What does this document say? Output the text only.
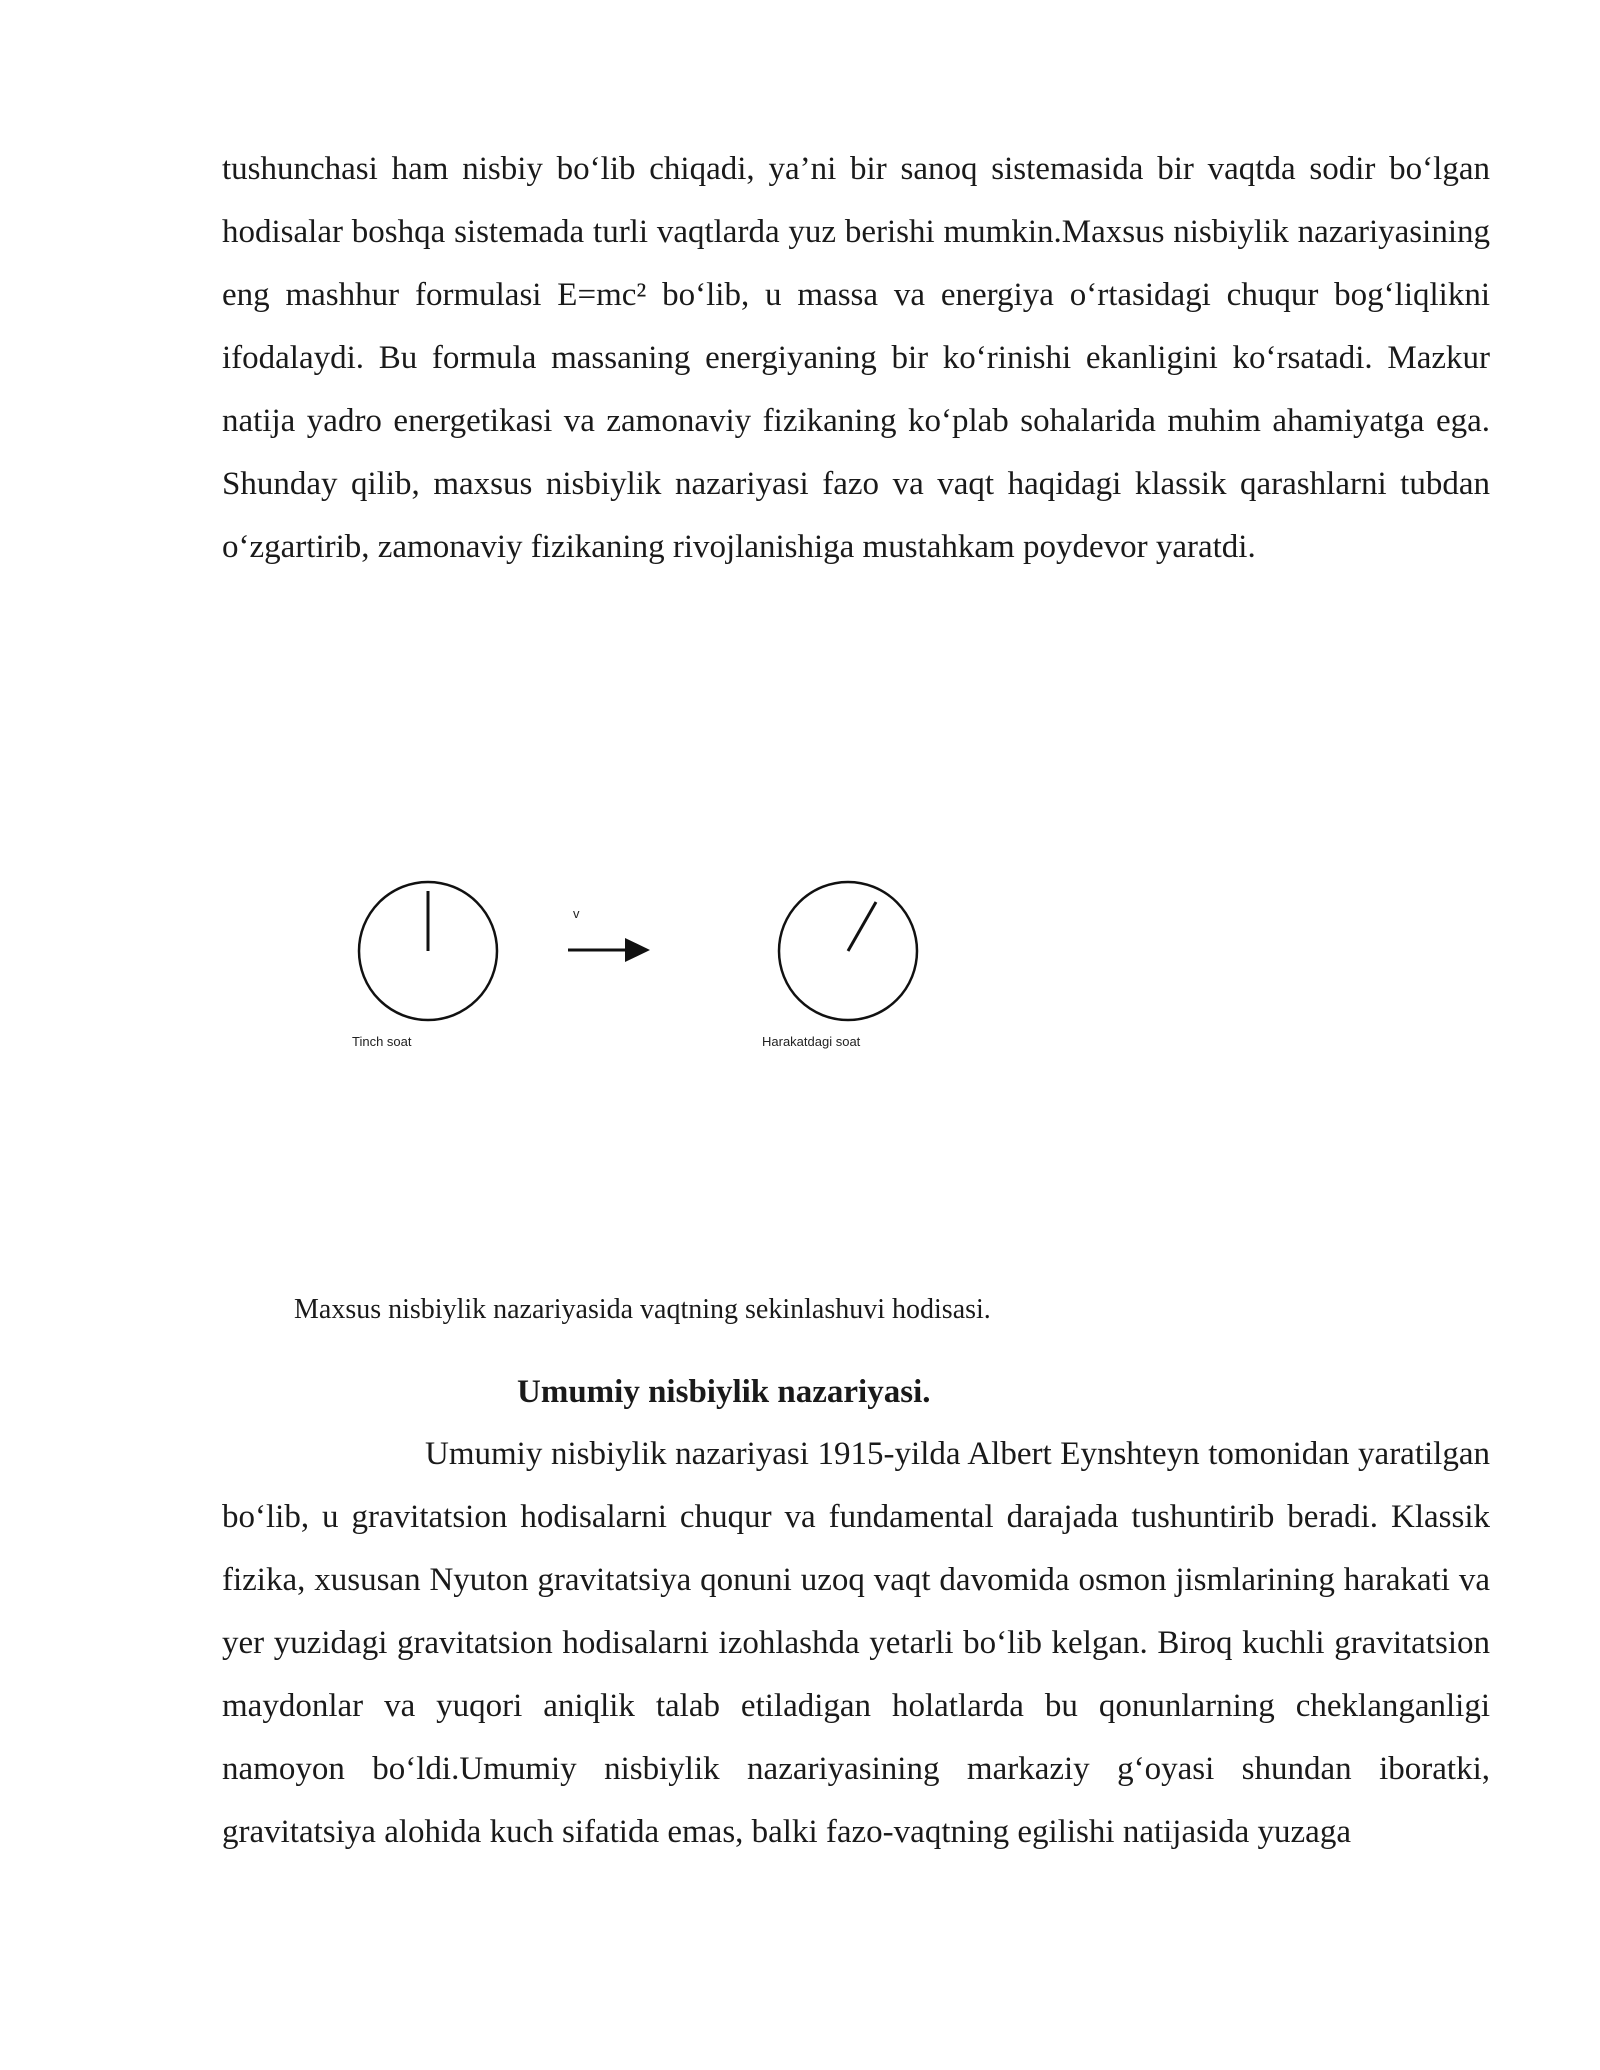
tushunchasi ham nisbiy bo‘lib chiqadi, ya’ni bir sanoq sistemasida bir vaqtda sodir bo‘lgan hodisalar boshqa sistemada turli vaqtlarda yuz berishi mumkin.Maxsus nisbiylik nazariyasining eng mashhur formulasi E=mc² bo‘lib, u massa va energiya o‘rtasidagi chuqur bog‘liqlikni ifodalaydi. Bu formula massaning energiyaning bir ko‘rinishi ekanligini ko‘rsatadi. Mazkur natija yadro energetikasi va zamonaviy fizikaning ko‘plab sohalarida muhim ahamiyatga ega. Shunday qilib, maxsus nisbiylik nazariyasi fazo va vaqt haqidagi klassik qarashlarni tubdan o‘zgartirib, zamonaviy fizikaning rivojlanishiga mustahkam poydevor yaratdi.

Tinch soat
v
Harakatdagi soat

Maxsus nisbiylik nazariyasida vaqtning sekinlashuvi hodisasi.

Umumiy nisbiylik nazariyasi.

Umumiy nisbiylik nazariyasi 1915-yilda Albert Eynshteyn tomonidan yaratilgan bo‘lib, u gravitatsion hodisalarni chuqur va fundamental darajada tushuntirib beradi. Klassik fizika, xususan Nyuton gravitatsiya qonuni uzoq vaqt davomida osmon jismlarining harakati va yer yuzidagi gravitatsion hodisalarni izohlashda yetarli bo‘lib kelgan. Biroq kuchli gravitatsion maydonlar va yuqori aniqlik talab etiladigan holatlarda bu qonunlarning cheklanganligi namoyon bo‘ldi.Umumiy nisbiylik nazariyasining markaziy g‘oyasi shundan iboratki, gravitatsiya alohida kuch sifatida emas, balki fazo-vaqtning egilishi natijasida yuzaga
